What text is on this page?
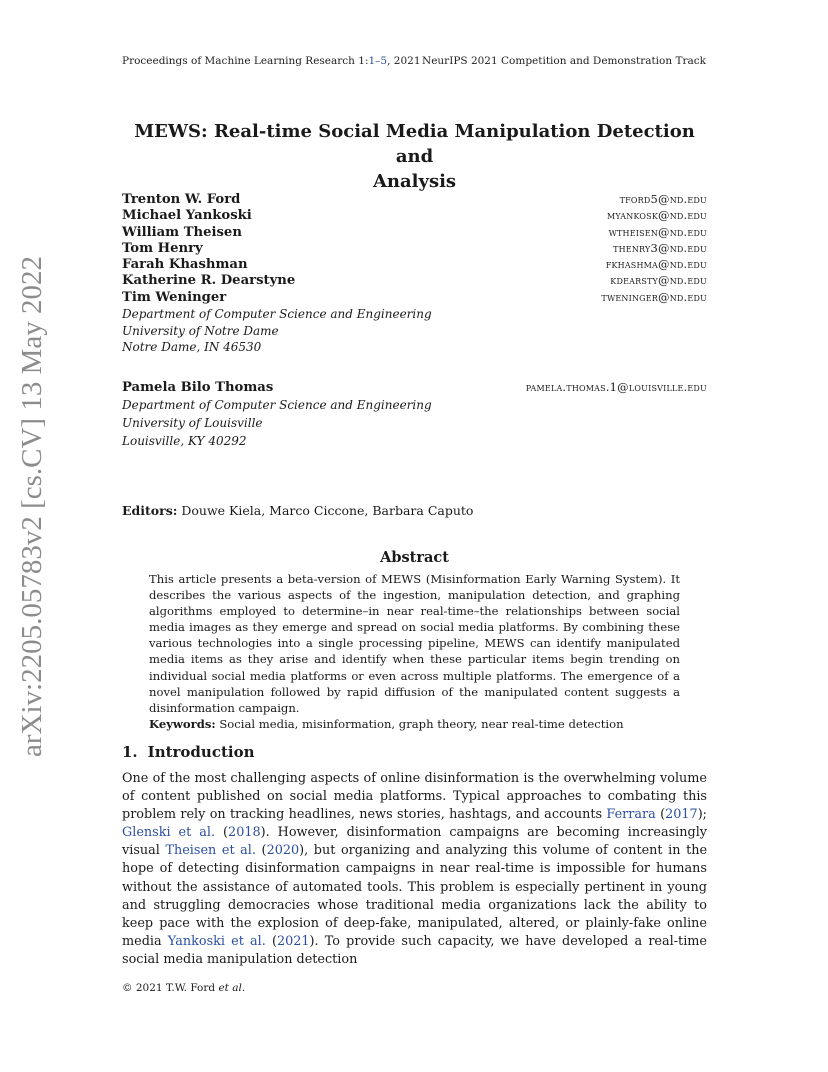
Proceedings of Machine Learning Research 1:1–5, 2021 NeurIPS 2021 Competition and Demonstration Track
arXiv:2205.05783v2 [cs.CV] 13 May 2022
MEWS: Real-time Social Media Manipulation Detection and
Analysis
Trenton W. Ford	tford5@nd.edu
Michael Yankoski	myankosk@nd.edu
William Theisen	wtheisen@nd.edu
Tom Henry	thenry3@nd.edu
Farah Khashman	fkhashma@nd.edu
Katherine R. Dearstyne	kdearsty@nd.edu
Tim Weninger	tweninger@nd.edu
Department of Computer Science and Engineering
University of Notre Dame
Notre Dame, IN 46530
Pamela Bilo Thomas	pamela.thomas.1@louisville.edu
Department of Computer Science and Engineering
University of Louisville
Louisville, KY 40292
Editors: Douwe Kiela, Marco Ciccone, Barbara Caputo
Abstract
This article presents a beta-version of MEWS (Misinformation Early Warning System). It describes the various aspects of the ingestion, manipulation detection, and graphing algorithms employed to determine–in near real-time–the relationships between social media images as they emerge and spread on social media platforms. By combining these various technologies into a single processing pipeline, MEWS can identify manipulated media items as they arise and identify when these particular items begin trending on individual social media platforms or even across multiple platforms. The emergence of a novel manipulation followed by rapid diffusion of the manipulated content suggests a disinformation campaign.
Keywords: Social media, misinformation, graph theory, near real-time detection
1. Introduction
One of the most challenging aspects of online disinformation is the overwhelming volume of content published on social media platforms. Typical approaches to combating this problem rely on tracking headlines, news stories, hashtags, and accounts Ferrara (2017); Glenski et al. (2018). However, disinformation campaigns are becoming increasingly visual Theisen et al. (2020), but organizing and analyzing this volume of content in the hope of detecting disinformation campaigns in near real-time is impossible for humans without the assistance of automated tools. This problem is especially pertinent in young and struggling democracies whose traditional media organizations lack the ability to keep pace with the explosion of deep-fake, manipulated, altered, or plainly-fake online media Yankoski et al. (2021). To provide such capacity, we have developed a real-time social media manipulation detection
© 2021 T.W. Ford et al.
